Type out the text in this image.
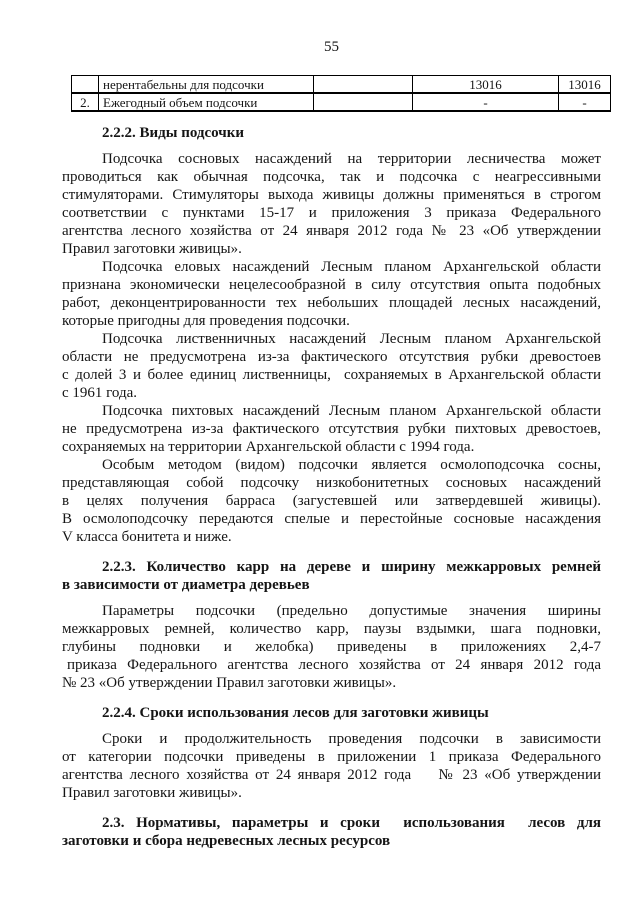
55
	нерентабельны для подсочки		13016	13016
2.	Ежегодный объем подсочки		-	-
2.2.2. Виды подсочки
Подсочка сосновых насаждений на территории лесничества может
проводиться как обычная подсочка, так и подсочка с неагрессивными
стимуляторами. Стимуляторы выхода живицы должны применяться в строгом
соответствии с пунктами 15-17 и приложения 3 приказа Федерального
агентства лесного хозяйства от 24 января 2012 года № 23 «Об утверждении
Правил заготовки живицы».
Подсочка еловых насаждений Лесным планом Архангельской области
признана экономически нецелесообразной в силу отсутствия опыта подобных
работ, деконцентрированности тех небольших площадей лесных насаждений,
которые пригодны для проведения подсочки.
Подсочка лиственничных насаждений Лесным планом Архангельской
области не предусмотрена из-за фактического отсутствия рубки древостоев
с долей 3 и более единиц лиственницы,  сохраняемых в Архангельской области
с 1961 года.
Подсочка пихтовых насаждений Лесным планом Архангельской области
не предусмотрена из-за фактического отсутствия рубки пихтовых древостоев,
сохраняемых на территории Архангельской области с 1994 года.
Особым методом (видом) подсочки является осмолоподсочка сосны,
представляющая собой подсочку низкобонитетных сосновых насаждений
в целях получения барраса (загустевшей или затвердевшей живицы).
В осмолоподсочку передаются спелые и перестойные сосновые насаждения
V класса бонитета и ниже.
2.2.3. Количество карр на дереве и ширину межкарровых ремней
в зависимости от диаметра деревьев
Параметры подсочки (предельно допустимые значения ширины
межкарровых ремней, количество карр, паузы вздымки, шага подновки,
глубины подновки и желобка) приведены в приложениях 2,4-7
приказа Федерального агентства лесного хозяйства от 24 января 2012 года
№ 23 «Об утверждении Правил заготовки живицы».
2.2.4. Сроки использования лесов для заготовки живицы
Сроки и продолжительность проведения подсочки в зависимости
от категории подсочки приведены в приложении 1 приказа Федерального
агентства лесного хозяйства от 24 января 2012 года    № 23 «Об утверждении
Правил заготовки живицы».
2.3. Нормативы, параметры и сроки  использования  лесов для
заготовки и сбора недревесных лесных ресурсов
